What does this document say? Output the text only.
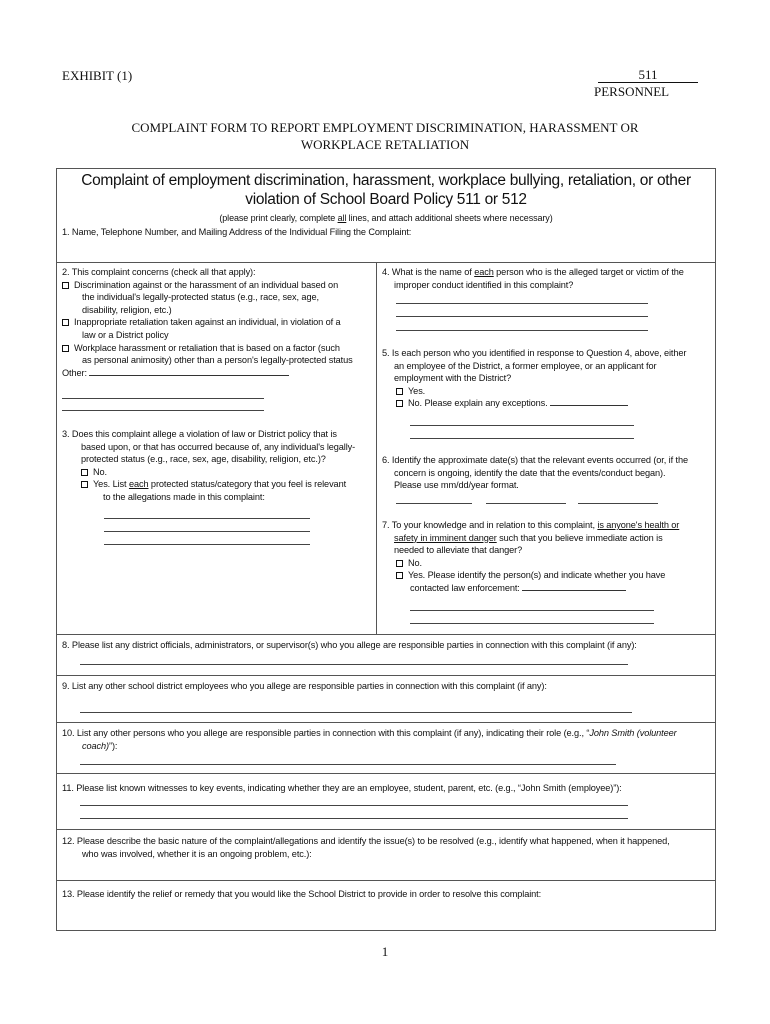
EXHIBIT (1)	511
PERSONNEL
COMPLAINT FORM TO REPORT EMPLOYMENT DISCRIMINATION, HARASSMENT OR
WORKPLACE RETALIATION
Complaint of employment discrimination, harassment, workplace bullying, retaliation, or other
violation of School Board Policy 511 or 512
(please print clearly, complete all lines, and attach additional sheets where necessary)
1. Name, Telephone Number, and Mailing Address of the Individual Filing the Complaint:
2. This complaint concerns (check all that apply):
Discrimination against or the harassment of an individual based on
the individual's legally-protected status (e.g., race, sex, age,
disability, religion, etc.)
Inappropriate retaliation taken against an individual, in violation of a
law or a District policy
Workplace harassment or retaliation that is based on a factor (such
as personal animosity) other than a person's legally-protected status
Other:
3. Does this complaint allege a violation of law or District policy that is
based upon, or that has occurred because of, any individual's legally-
protected status (e.g., race, sex, age, disability, religion, etc.)?
No.
Yes. List each protected status/category that you feel is relevant
to the allegations made in this complaint:
4. What is the name of each person who is the alleged target or victim of the
improper conduct identified in this complaint?
5. Is each person who you identified in response to Question 4, above, either
an employee of the District, a former employee, or an applicant for
employment with the District?
Yes.
No. Please explain any exceptions.
6. Identify the approximate date(s) that the relevant events occurred (or, if the
concern is ongoing, identify the date that the events/conduct began).
Please use mm/dd/year format.
7. To your knowledge and in relation to this complaint, is anyone's health or
safety in imminent danger such that you believe immediate action is
needed to alleviate that danger?
No.
Yes. Please identify the person(s) and indicate whether you have
contacted law enforcement:
8. Please list any district officials, administrators, or supervisor(s) who you allege are responsible parties in connection with this complaint (if any):
9. List any other school district employees who you allege are responsible parties in connection with this complaint (if any):
10. List any other persons who you allege are responsible parties in connection with this complaint (if any), indicating their role (e.g., “John Smith (volunteer
coach)”):
11. Please list known witnesses to key events, indicating whether they are an employee, student, parent, etc. (e.g., “John Smith (employee)”):
12. Please describe the basic nature of the complaint/allegations and identify the issue(s) to be resolved (e.g., identify what happened, when it happened,
who was involved, whether it is an ongoing problem, etc.):
13. Please identify the relief or remedy that you would like the School District to provide in order to resolve this complaint:
1
